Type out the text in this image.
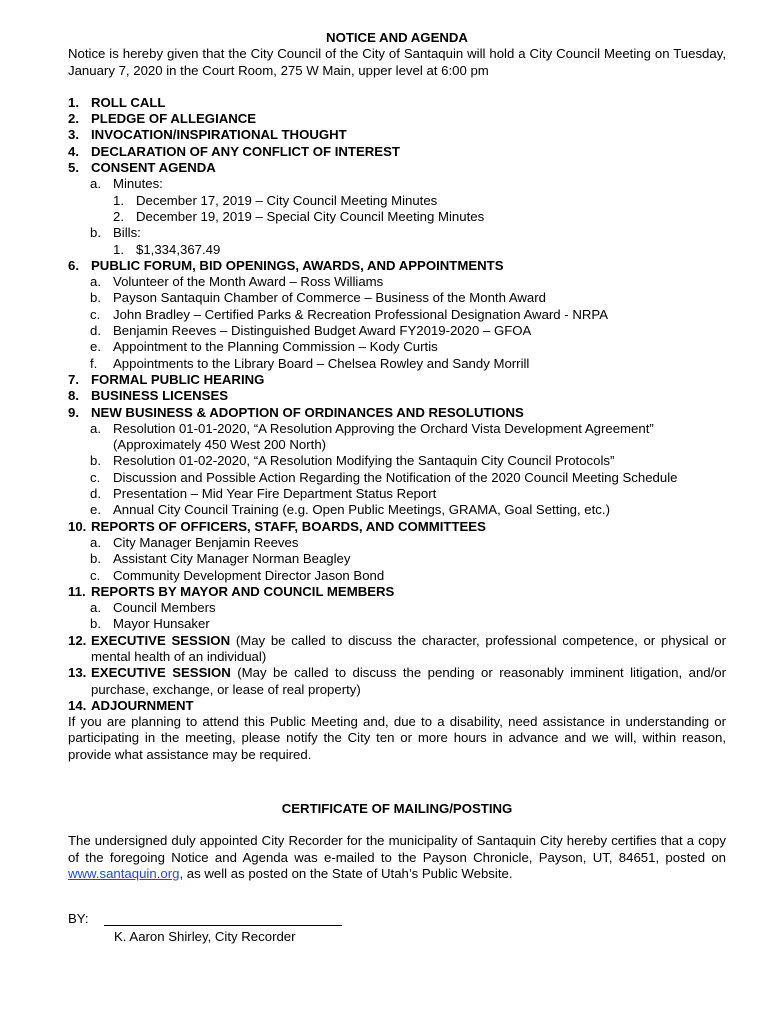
NOTICE AND AGENDA
Notice is hereby given that the City Council of the City of Santaquin will hold a City Council Meeting on Tuesday, January 7, 2020 in the Court Room, 275 W Main, upper level at 6:00 pm
1. ROLL CALL
2. PLEDGE OF ALLEGIANCE
3. INVOCATION/INSPIRATIONAL THOUGHT
4. DECLARATION OF ANY CONFLICT OF INTEREST
5. CONSENT AGENDA
a. Minutes:
1. December 17, 2019 – City Council Meeting Minutes
2. December 19, 2019 – Special City Council Meeting Minutes
b. Bills:
1. $1,334,367.49
6. PUBLIC FORUM, BID OPENINGS, AWARDS, AND APPOINTMENTS
a. Volunteer of the Month Award – Ross Williams
b. Payson Santaquin Chamber of Commerce – Business of the Month Award
c. John Bradley – Certified Parks & Recreation Professional Designation Award - NRPA
d. Benjamin Reeves – Distinguished Budget Award FY2019-2020 – GFOA
e. Appointment to the Planning Commission – Kody Curtis
f. Appointments to the Library Board – Chelsea Rowley and Sandy Morrill
7. FORMAL PUBLIC HEARING
8. BUSINESS LICENSES
9. NEW BUSINESS & ADOPTION OF ORDINANCES AND RESOLUTIONS
a. Resolution 01-01-2020, “A Resolution Approving the Orchard Vista Development Agreement” (Approximately 450 West 200 North)
b. Resolution 01-02-2020, “A Resolution Modifying the Santaquin City Council Protocols”
c. Discussion and Possible Action Regarding the Notification of the 2020 Council Meeting Schedule
d. Presentation – Mid Year Fire Department Status Report
e. Annual City Council Training (e.g. Open Public Meetings, GRAMA, Goal Setting, etc.)
10. REPORTS OF OFFICERS, STAFF, BOARDS, AND COMMITTEES
a. City Manager Benjamin Reeves
b. Assistant City Manager Norman Beagley
c. Community Development Director Jason Bond
11. REPORTS BY MAYOR AND COUNCIL MEMBERS
a. Council Members
b. Mayor Hunsaker
12. EXECUTIVE SESSION (May be called to discuss the character, professional competence, or physical or mental health of an individual)
13. EXECUTIVE SESSION (May be called to discuss the pending or reasonably imminent litigation, and/or purchase, exchange, or lease of real property)
14. ADJOURNMENT
If you are planning to attend this Public Meeting and, due to a disability, need assistance in understanding or participating in the meeting, please notify the City ten or more hours in advance and we will, within reason, provide what assistance may be required.
CERTIFICATE OF MAILING/POSTING
The undersigned duly appointed City Recorder for the municipality of Santaquin City hereby certifies that a copy of the foregoing Notice and Agenda was e-mailed to the Payson Chronicle, Payson, UT, 84651, posted on www.santaquin.org, as well as posted on the State of Utah’s Public Website.
BY:
K. Aaron Shirley, City Recorder
